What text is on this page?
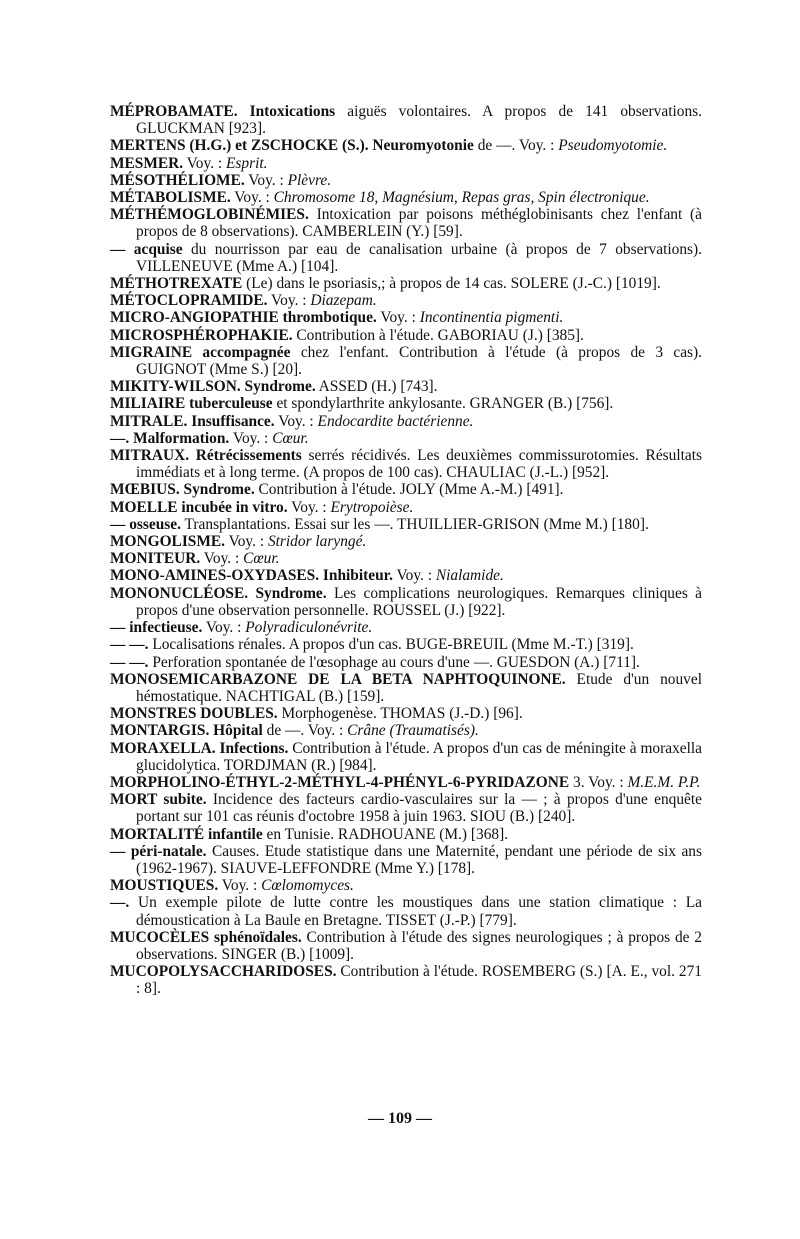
MÉPROBAMATE. Intoxications aiguës volontaires. A propos de 141 observations. GLUCKMAN [923].

MERTENS (H.G.) et ZSCHOCKE (S.). Neuromyotonie de —. Voy. : Pseudomyotomie.

MESMER. Voy. : Esprit.

MÉSOTHÉLIOME. Voy. : Plèvre.

MÉTABOLISME. Voy. : Chromosome 18, Magnésium, Repas gras, Spin électronique.

MÉTHÉMOGLOBINÉMIES. Intoxication par poisons méthéglobinisants chez l'enfant (à propos de 8 observations). CAMBERLEIN (Y.) [59].

— acquise du nourrisson par eau de canalisation urbaine (à propos de 7 observations). VILLENEUVE (Mme A.) [104].

MÉTHOTREXATE (Le) dans le psoriasis,; à propos de 14 cas. SOLERE (J.-C.) [1019].

MÉTOCLOPRAMIDE. Voy. : Diazepam.

MICRO-ANGIOPATHIE thrombotique. Voy. : Incontinentia pigmenti.

MICROSPHÉROPHAKIE. Contribution à l'étude. GABORIAU (J.) [385].

MIGRAINE accompagnée chez l'enfant. Contribution à l'étude (à propos de 3 cas). GUIGNOT (Mme S.) [20].

MIKITY-WILSON. Syndrome. ASSED (H.) [743].

MILIAIRE tuberculeuse et spondylarthrite ankylosante. GRANGER (B.) [756].

MITRALE. Insuffisance. Voy. : Endocardite bactérienne.

—. Malformation. Voy. : Cœur.

MITRAUX. Rétrécissements serrés récidivés. Les deuxièmes commissurotomies. Résultats immédiats et à long terme. (A propos de 100 cas). CHAULIAC (J.-L.) [952].

MŒBIUS. Syndrome. Contribution à l'étude. JOLY (Mme A.-M.) [491].

MOELLE incubée in vitro. Voy. : Erytropoièse.

— osseuse. Transplantations. Essai sur les —. THUILLIER-GRISON (Mme M.) [180].

MONGOLISME. Voy. : Stridor laryngé.

MONITEUR. Voy. : Cœur.

MONO-AMINES-OXYDASES. Inhibiteur. Voy. : Nialamide.

MONONUCLÉOSE. Syndrome. Les complications neurologiques. Remarques cliniques à propos d'une observation personnelle. ROUSSEL (J.) [922].

— infectieuse. Voy. : Polyradiculonévrite.

— —. Localisations rénales. A propos d'un cas. BUGE-BREUIL (Mme M.-T.) [319].

— —. Perforation spontanée de l'œsophage au cours d'une —. GUESDON (A.) [711].

MONOSEMICARBAZONE DE LA BETA NAPHTOQUINONE. Etude d'un nouvel hémostatique. NACHTIGAL (B.) [159].

MONSTRES DOUBLES. Morphogenèse. THOMAS (J.-D.) [96].

MONTARGIS. Hôpital de —. Voy. : Crâne (Traumatisés).

MORAXELLA. Infections. Contribution à l'étude. A propos d'un cas de méningite à moraxella glucidolytica. TORDJMAN (R.) [984].

MORPHOLINO-ÉTHYL-2-MÉTHYL-4-PHÉNYL-6-PYRIDAZONE 3. Voy. : M.E.M. P.P.

MORT subite. Incidence des facteurs cardio-vasculaires sur la — ; à propos d'une enquête portant sur 101 cas réunis d'octobre 1958 à juin 1963. SIOU (B.) [240].

MORTALITÉ infantile en Tunisie. RADHOUANE (M.) [368].

— péri-natale. Causes. Etude statistique dans une Maternité, pendant une période de six ans (1962-1967). SIAUVE-LEFFONDRE (Mme Y.) [178].

MOUSTIQUES. Voy. : Cœlomomyces.

—. Un exemple pilote de lutte contre les moustiques dans une station climatique : La démoustication à La Baule en Bretagne. TISSET (J.-P.) [779].

MUCOCÈLES sphénoïdales. Contribution à l'étude des signes neurologiques ; à propos de 2 observations. SINGER (B.) [1009].

MUCOPOLYSACCHARIDOSES. Contribution à l'étude. ROSEMBERG (S.) [A. E., vol. 271 : 8].

— 109 —
